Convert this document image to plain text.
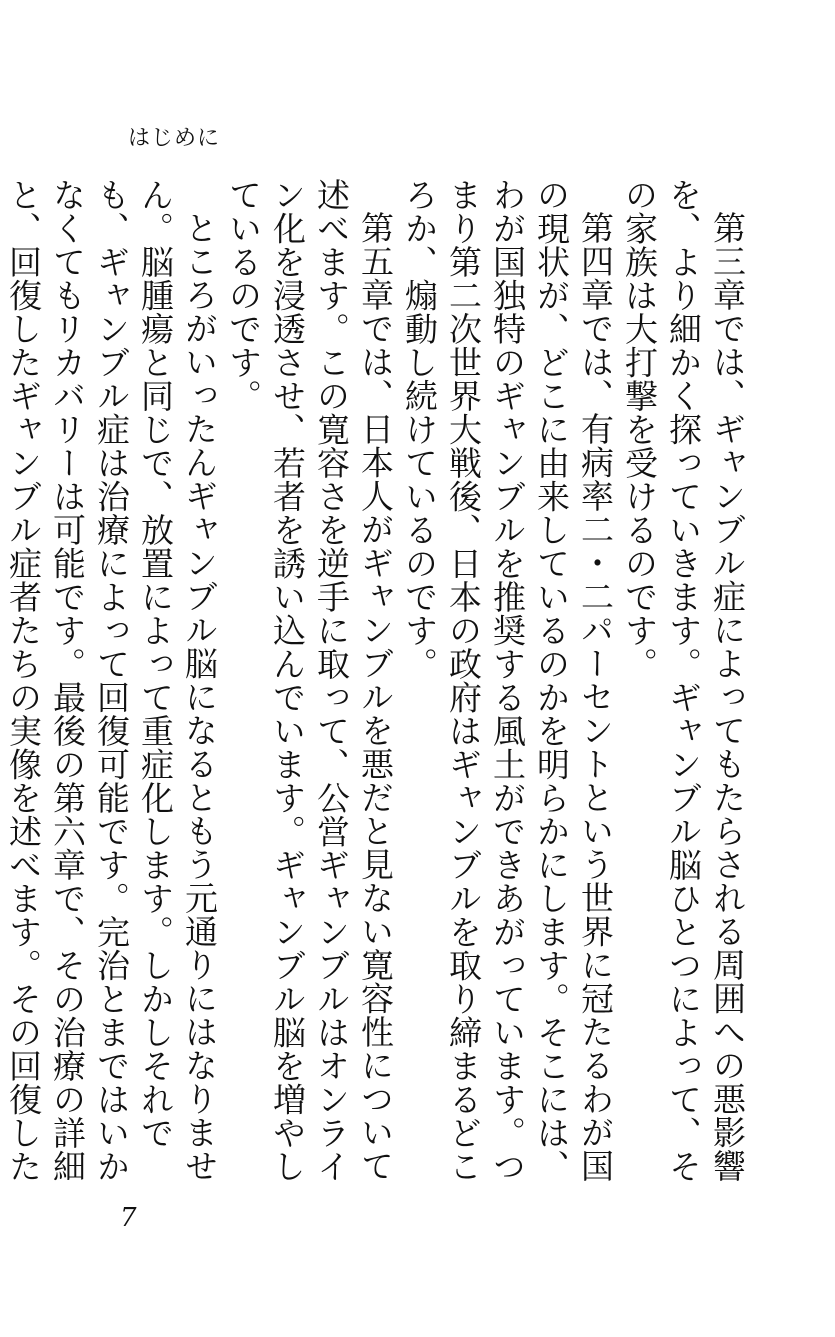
はじめに

第三章では、ギャンブル症によってもたらされる周囲への悪影響を、より細かく探っていきます。ギャンブル脳ひとつによって、その家族は大打撃を受けるのです。

第四章では、有病率二・二パーセントという世界に冠たるわが国の現状が、どこに由来しているのかを明らかにします。そこには、わが国独特のギャンブルを推奨する風土ができあがっています。つまり第二次世界大戦後、日本の政府はギャンブルを取り締まるどころか、煽動し続けているのです。

第五章では、日本人がギャンブルを悪だと見ない寛容性について述べます。この寛容さを逆手に取って、公営ギャンブルはオンライン化を浸透させ、若者を誘い込んでいます。ギャンブル脳を増やしているのです。

ところがいったんギャンブル脳になるともう元通りにはなりません。脳腫瘍と同じで、放置によって重症化します。しかしそれでも、ギャンブル症は治療によって回復可能です。完治とまではいかなくてもリカバリーは可能です。最後の第六章で、その治療の詳細と、回復したギャンブル症者たちの実像を述べます。その回復した

7
